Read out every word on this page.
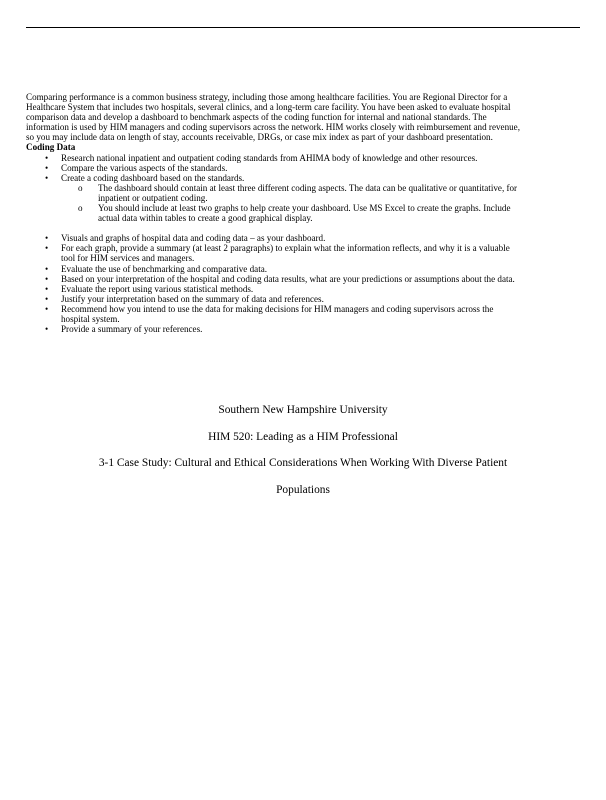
Comparing performance is a common business strategy, including those among healthcare facilities. You are Regional Director for a Healthcare System that includes two hospitals, several clinics, and a long-term care facility. You have been asked to evaluate hospital comparison data and develop a dashboard to benchmark aspects of the coding function for internal and national standards. The information is used by HIM managers and coding supervisors across the network. HIM works closely with reimbursement and revenue, so you may include data on length of stay, accounts receivable, DRGs, or case mix index as part of your dashboard presentation.

Coding Data

• Research national inpatient and outpatient coding standards from AHIMA body of knowledge and other resources.
• Compare the various aspects of the standards.
• Create a coding dashboard based on the standards.
o The dashboard should contain at least three different coding aspects. The data can be qualitative or quantitative, for inpatient or outpatient coding.
o You should include at least two graphs to help create your dashboard. Use MS Excel to create the graphs. Include actual data within tables to create a good graphical display.
• Visuals and graphs of hospital data and coding data – as your dashboard.
• For each graph, provide a summary (at least 2 paragraphs) to explain what the information reflects, and why it is a valuable tool for HIM services and managers.
• Evaluate the use of benchmarking and comparative data.
• Based on your interpretation of the hospital and coding data results, what are your predictions or assumptions about the data.
• Evaluate the report using various statistical methods.
• Justify your interpretation based on the summary of data and references.
• Recommend how you intend to use the data for making decisions for HIM managers and coding supervisors across the hospital system.
• Provide a summary of your references.

Southern New Hampshire University

HIM 520: Leading as a HIM Professional

3-1 Case Study: Cultural and Ethical Considerations When Working With Diverse Patient

Populations
